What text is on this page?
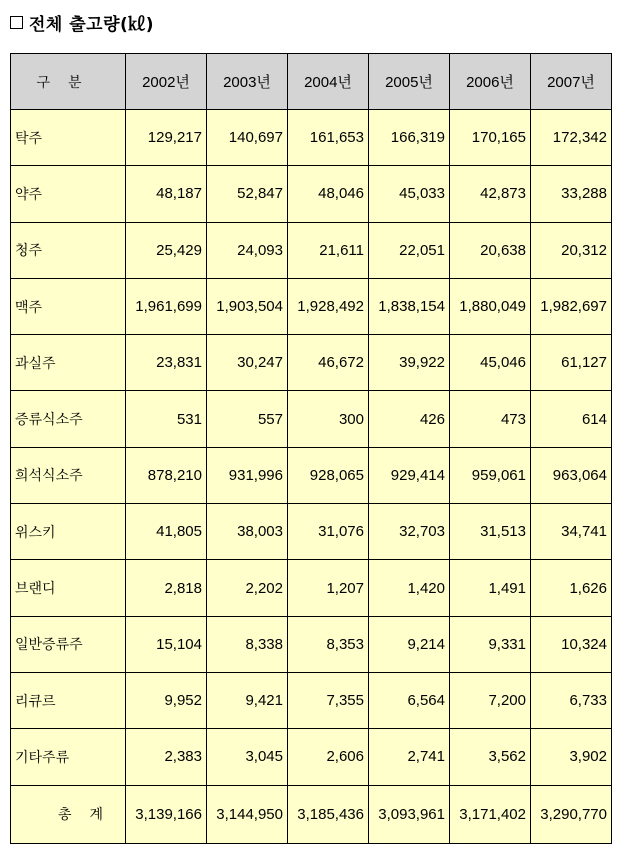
전체 출고량(㎘)
구분	2002년	2003년	2004년	2005년	2006년	2007년
탁주	129,217	140,697	161,653	166,319	170,165	172,342
약주	48,187	52,847	48,046	45,033	42,873	33,288
청주	25,429	24,093	21,611	22,051	20,638	20,312
맥주	1,961,699	1,903,504	1,928,492	1,838,154	1,880,049	1,982,697
과실주	23,831	30,247	46,672	39,922	45,046	61,127
증류식소주	531	557	300	426	473	614
희석식소주	878,210	931,996	928,065	929,414	959,061	963,064
위스키	41,805	38,003	31,076	32,703	31,513	34,741
브랜디	2,818	2,202	1,207	1,420	1,491	1,626
일반증류주	15,104	8,338	8,353	9,214	9,331	10,324
리큐르	9,952	9,421	7,355	6,564	7,200	6,733
기타주류	2,383	3,045	2,606	2,741	3,562	3,902
총계	3,139,166	3,144,950	3,185,436	3,093,961	3,171,402	3,290,770
